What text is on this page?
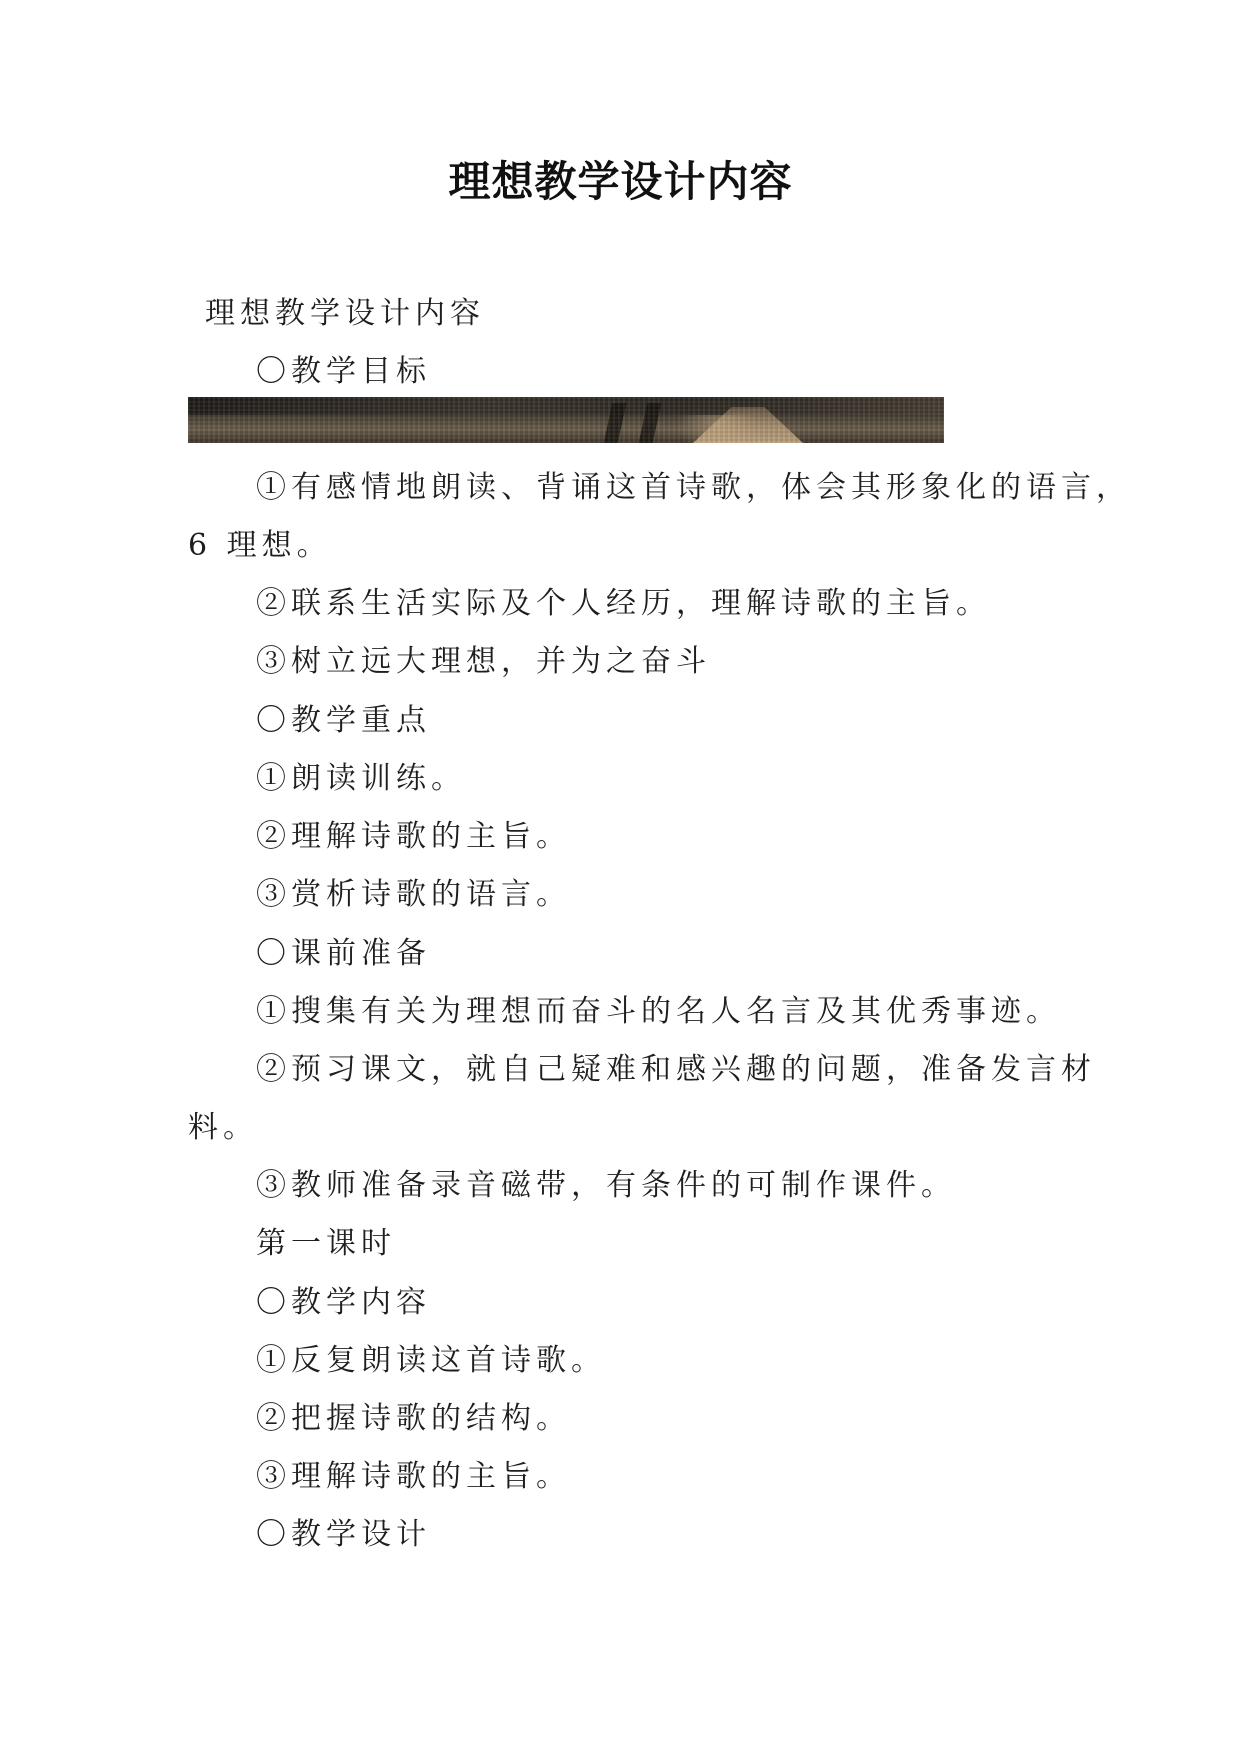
理想教学设计内容
理想教学设计内容
〇教学目标
①有感情地朗读、背诵这首诗歌，体会其形象化的语言，
6 理想。
②联系生活实际及个人经历，理解诗歌的主旨。
③树立远大理想，并为之奋斗
〇教学重点
①朗读训练。
②理解诗歌的主旨。
③赏析诗歌的语言。
〇课前准备
①搜集有关为理想而奋斗的名人名言及其优秀事迹。
②预习课文，就自己疑难和感兴趣的问题，准备发言材
料。
③教师准备录音磁带，有条件的可制作课件。
第一课时
〇教学内容
①反复朗读这首诗歌。
②把握诗歌的结构。
③理解诗歌的主旨。
〇教学设计
